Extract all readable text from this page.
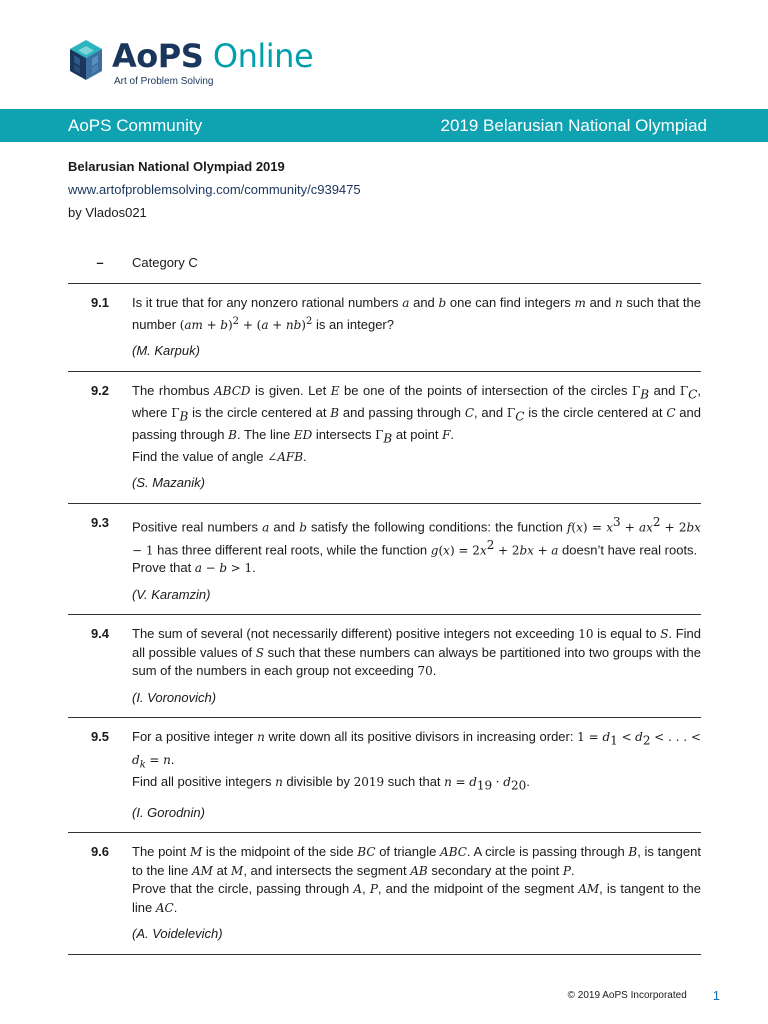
AoPS Online
Art of Problem Solving
AoPS Community	2019 Belarusian National Olympiad
Belarusian National Olympiad 2019
www.artofproblemsolving.com/community/c939475
by Vlados021
–	Category C
9.1	Is it true that for any nonzero rational numbers a and b one can find integers m and n such that the number (am + b)$^2$ + (a + nb)$^2$ is an integer?
(M. Karpuk)
9.2	The rhombus ABCD is given. Let E be one of the points of intersection of the circles $\Gamma_B$ and $\Gamma_C$, where $\Gamma_B$ is the circle centered at B and passing through C, and $\Gamma_C$ is the circle centered at C and passing through B. The line ED intersects $\Gamma_B$ at point F.
Find the value of angle ∠AFB.
(S. Mazanik)
9.3	Positive real numbers a and b satisfy the following conditions: the function $f(x) = x^3 + ax^2 + 2bx - 1$ has three different real roots, while the function $g(x) = 2x^2 + 2bx + a$ doesn’t have real roots.
Prove that a − b > 1.
(V. Karamzin)
9.4	The sum of several (not necessarily different) positive integers not exceeding 10 is equal to S. Find all possible values of S such that these numbers can always be partitioned into two groups with the sum of the numbers in each group not exceeding 70.
(I. Voronovich)
9.5	For a positive integer n write down all its positive divisors in increasing order: $1 = d_1 < d_2$ < . . . < $d_k = n$.
Find all positive integers n divisible by 2019 such that $n = d_{19} \cdot d_{20}$.
(I. Gorodnin)
9.6	The point M is the midpoint of the side BC of triangle ABC. A circle is passing through B, is tangent to the line AM at M, and intersects the segment AB secondary at the point P.
Prove that the circle, passing through A, P, and the midpoint of the segment AM, is tangent to the line AC.
(A. Voidelevich)
© 2019 AoPS Incorporated 1
